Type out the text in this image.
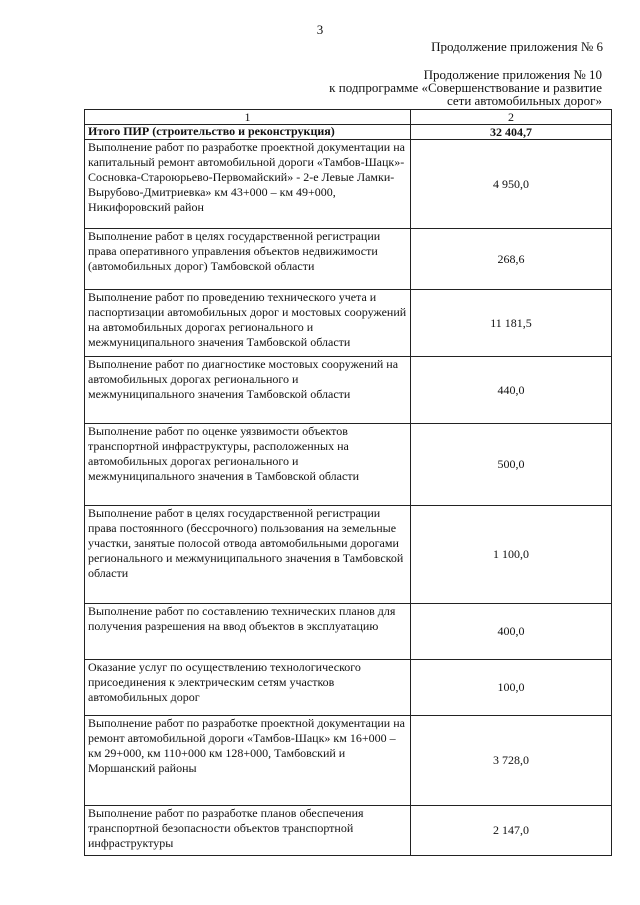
3
Продолжение приложения № 6
Продолжение приложения № 10
к подпрограмме «Совершенствование и развитие
сети автомобильных дорог»
1	2
Итого ПИР (строительство и реконструкция)	32 404,7
Выполнение работ по разработке проектной документации на капитальный ремонт автомобильной дороги «Тамбов-Шацк»- Сосновка-Староюрьево-Первомайский» - 2-е Левые Ламки- Вырубово-Дмитриевка» км 43+000 – км 49+000, Никифоровский район	4 950,0
Выполнение работ в целях государственной регистрации права оперативного управления объектов недвижимости (автомобильных дорог) Тамбовской области	268,6
Выполнение работ по проведению технического учета и паспортизации автомобильных дорог и мостовых сооружений на автомобильных дорогах регионального и межмуниципального значения Тамбовской области	11 181,5
Выполнение работ по диагностике мостовых сооружений на автомобильных дорогах регионального и межмуниципального значения Тамбовской области	440,0
Выполнение работ по оценке уязвимости объектов транспортной инфраструктуры, расположенных на автомобильных дорогах регионального и межмуниципального значения в Тамбовской области	500,0
Выполнение работ в целях государственной регистрации права постоянного (бессрочного) пользования на земельные участки, занятые полосой отвода автомобильными дорогами регионального и межмуниципального значения в Тамбовской области	1 100,0
Выполнение работ по составлению технических планов для получения разрешения на ввод объектов в эксплуатацию	400,0
Оказание услуг по осуществлению технологического присоединения к электрическим сетям участков автомобильных дорог	100,0
Выполнение работ по разработке проектной документации на ремонт автомобильной дороги «Тамбов-Шацк» км 16+000 – км 29+000, км 110+000 км 128+000, Тамбовский и Моршанский районы	3 728,0
Выполнение работ по разработке планов обеспечения транспортной безопасности объектов транспортной инфраструктуры	2 147,0
